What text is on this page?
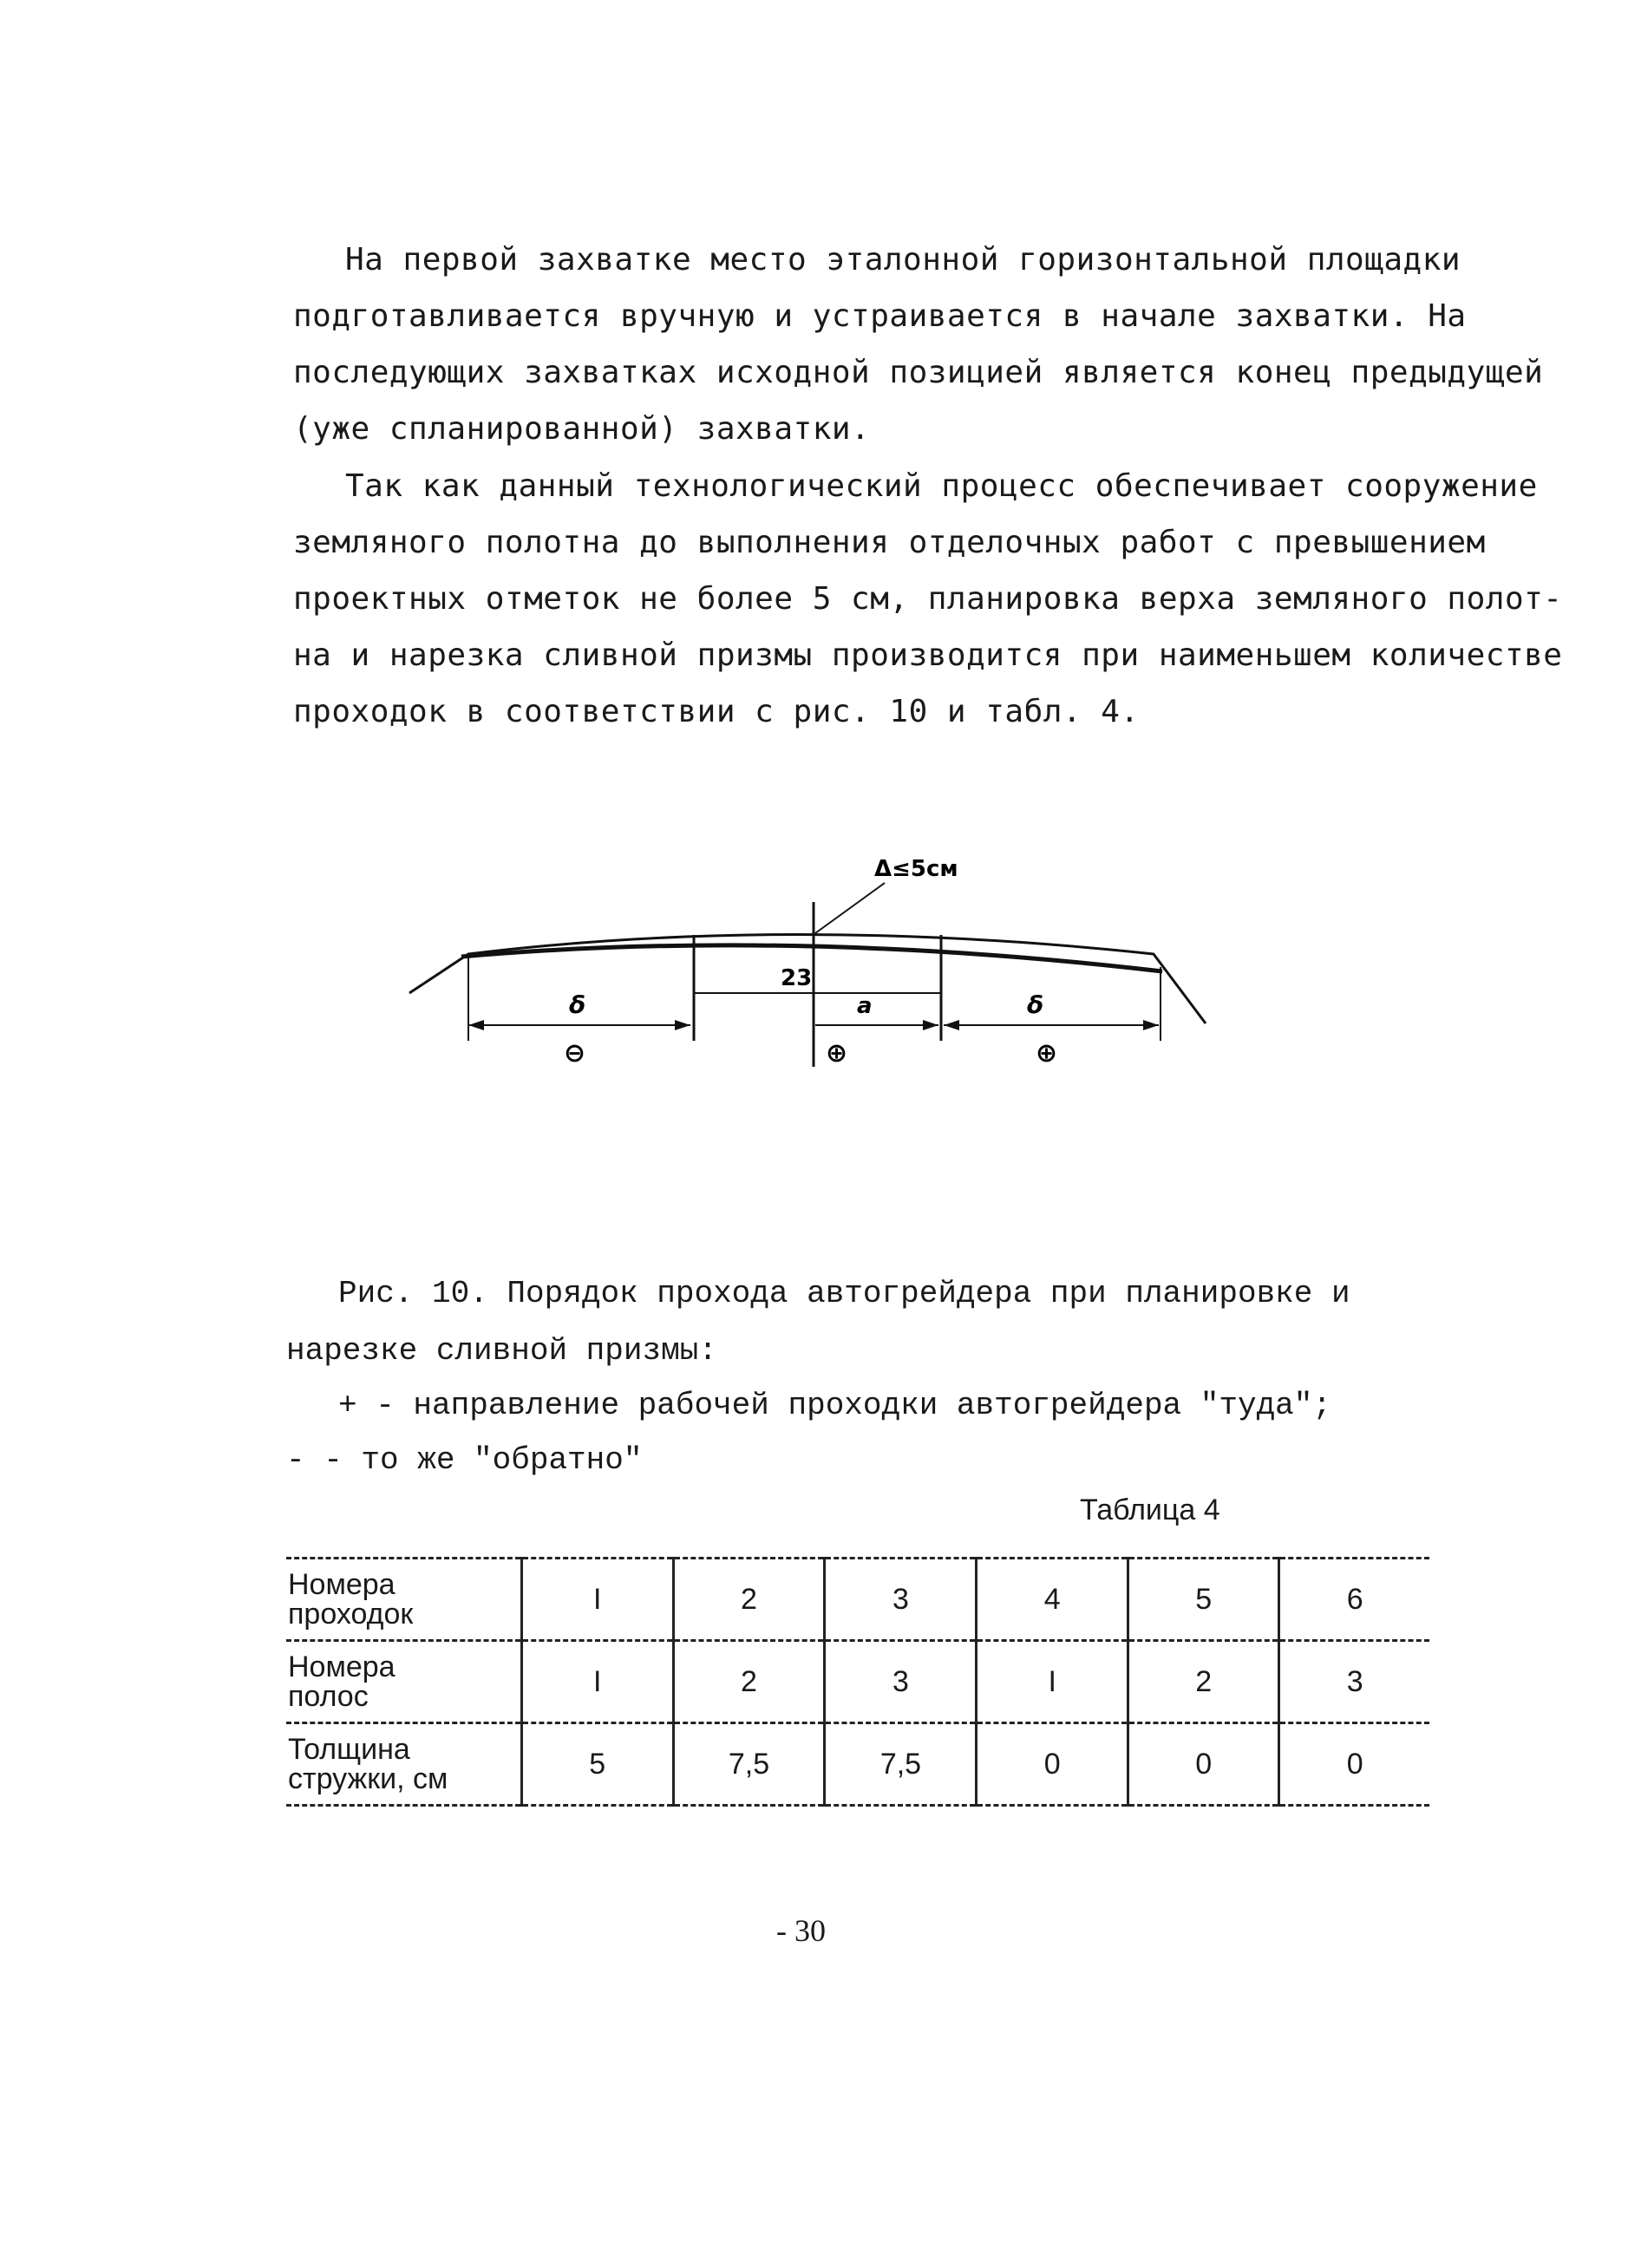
На первой захватке место эталонной горизонтальной площадки
подготавливается вручную и устраивается в начале захватки. На
последующих захватках исходной позицией является конец предыдущей
(уже спланированной) захватки.
Так как данный технологический процесс обеспечивает сооружение
земляного полотна до выполнения отделочных работ с превышением
проектных отметок не более 5 см, планировка верха земляного полот-
на и нарезка сливной призмы производится при наименьшем количестве
проходок в соответствии с рис. 10 и табл. 4.
Δ≤5см
23
δ	a	δ
⊖	⊕	⊕
Рис. 10. Порядок прохода автогрейдера при планировке и
нарезке сливной призмы:
+ - направление рабочей проходки автогрейдера "туда";
- - то же "обратно"
Таблица 4
Номера
проходок	I	2	3	4	5	6
Номера
полос	I	2	3	I	2	3
Толщина
стружки, см	5	7,5	7,5	0	0	0
- 30
